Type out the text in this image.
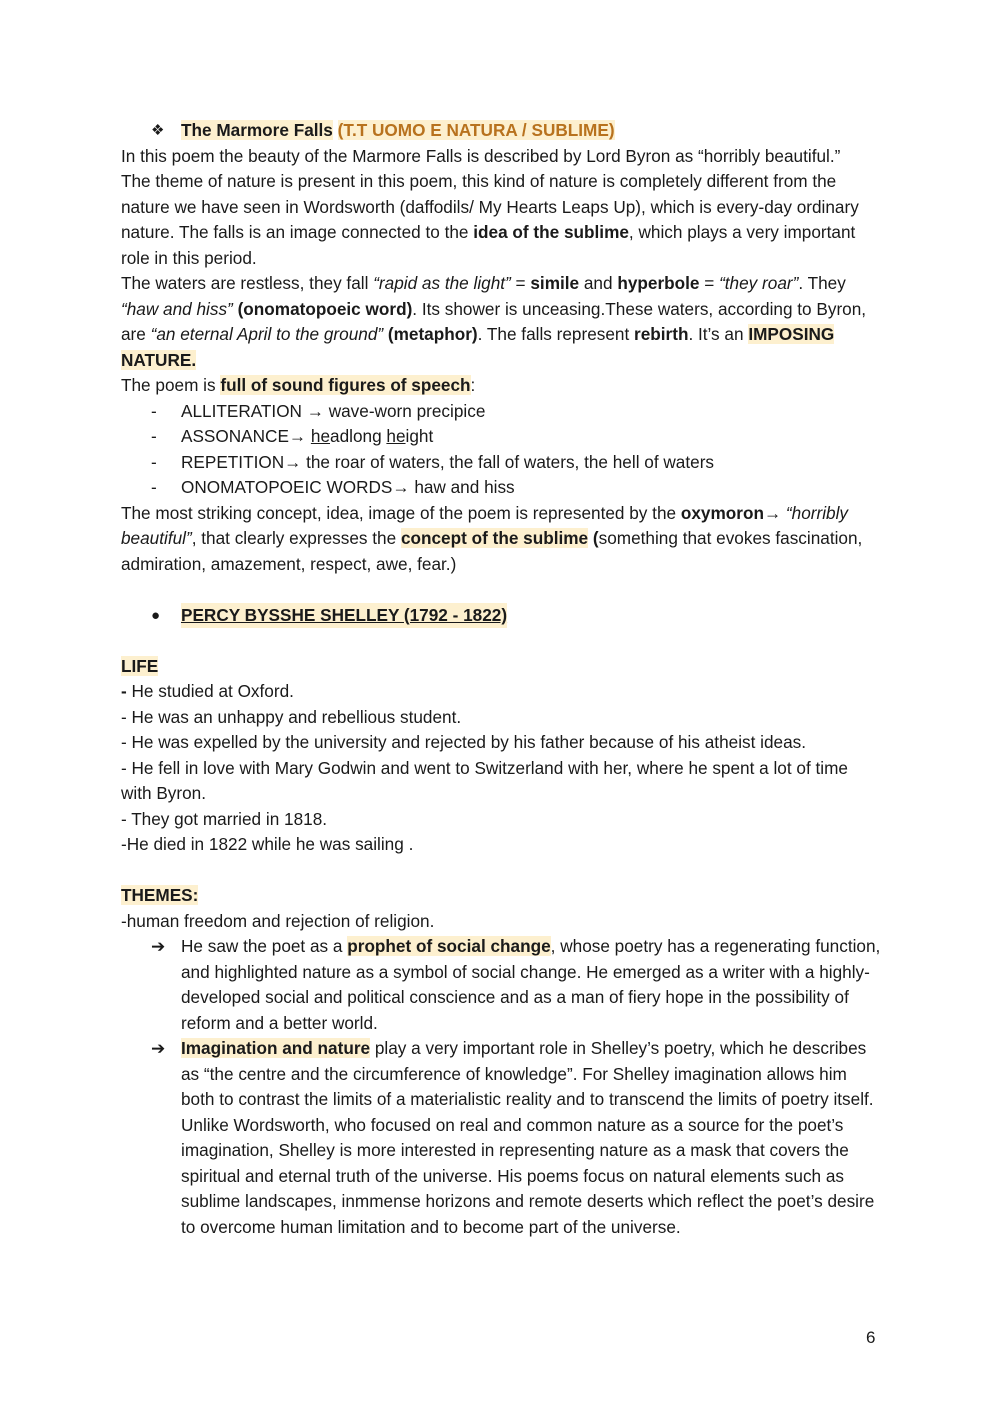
❖ The Marmore Falls (T.T UOMO E NATURA / SUBLIME)

In this poem the beauty of the Marmore Falls is described by Lord Byron as “horribly beautiful.”

The theme of nature is present in this poem, this kind of nature is completely different from the nature we have seen in Wordsworth (daffodils/ My Hearts Leaps Up), which is every-day ordinary nature. The falls is an image connected to the idea of the sublime, which plays a very important role in this period.

The waters are restless, they fall “rapid as the light” = simile and hyperbole = “they roar”. They “haw and hiss” (onomatopoeic word). Its shower is unceasing.These waters, according to Byron, are “an eternal April to the ground” (metaphor). The falls represent rebirth. It’s an IMPOSING NATURE.

The poem is full of sound figures of speech:

-	ALLITERATION → wave-worn precipice
-	ASSONANCE→ headlong height
-	REPETITION→ the roar of waters, the fall of waters, the hell of waters
-	ONOMATOPOEIC WORDS→ haw and hiss

The most striking concept, idea, image of the poem is represented by the oxymoron→ “horribly beautiful”, that clearly expresses the concept of the sublime (something that evokes fascination, admiration, amazement, respect, awe, fear.)

●	PERCY BYSSHE SHELLEY (1792 - 1822)

LIFE

- He studied at Oxford.

- He was an unhappy and rebellious student.

- He was expelled by the university and rejected by his father because of his atheist ideas.

- He fell in love with Mary Godwin and went to Switzerland with her, where he spent a lot of time with Byron.

- They got married in 1818.

-He died in 1822 while he was sailing .

THEMES:

-human freedom and rejection of religion.

➔ He saw the poet as a prophet of social change, whose poetry has a regenerating function, and highlighted nature as a symbol of social change. He emerged as a writer with a highly- developed social and political conscience and as a man of fiery hope in the possibility of reform and a better world.
➔ Imagination and nature play a very important role in Shelley’s poetry, which he describes as “the centre and the circumference of knowledge”. For Shelley imagination allows him both to contrast the limits of a materialistic reality and to transcend the limits of poetry itself. Unlike Wordsworth, who focused on real and common nature as a source for the poet’s imagination, Shelley is more interested in representing nature as a mask that covers the spiritual and eternal truth of the universe. His poems focus on natural elements such as sublime landscapes, inmmense horizons and remote deserts which reflect the poet’s desire to overcome human limitation and to become part of the universe.
6
